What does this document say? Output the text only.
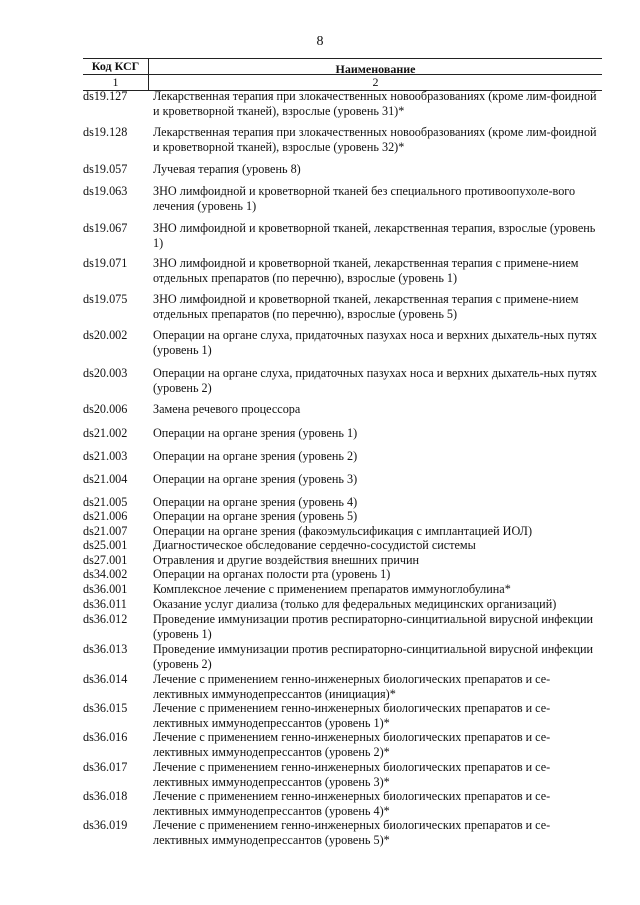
8
Код КСГ	Наименование
1	2
ds19.127	Лекарственная терапия при злокачественных новообразованиях (кроме лим-фоидной и кроветворной тканей), взрослые (уровень 31)*
ds19.128	Лекарственная терапия при злокачественных новообразованиях (кроме лим-фоидной и кроветворной тканей), взрослые (уровень 32)*
ds19.057	Лучевая терапия (уровень 8)
ds19.063	ЗНО лимфоидной и кроветворной тканей без специального противоопухоле-вого лечения (уровень 1)
ds19.067	ЗНО лимфоидной и кроветворной тканей, лекарственная терапия, взрослые (уровень 1)
ds19.071	ЗНО лимфоидной и кроветворной тканей, лекарственная терапия с примене-нием отдельных препаратов (по перечню), взрослые (уровень 1)
ds19.075	ЗНО лимфоидной и кроветворной тканей, лекарственная терапия с примене-нием отдельных препаратов (по перечню), взрослые (уровень 5)
ds20.002	Операции на органе слуха, придаточных пазухах носа и верхних дыхатель-ных путях (уровень 1)
ds20.003	Операции на органе слуха, придаточных пазухах носа и верхних дыхатель-ных путях (уровень 2)
ds20.006	Замена речевого процессора
ds21.002	Операции на органе зрения (уровень 1)
ds21.003	Операции на органе зрения (уровень 2)
ds21.004	Операции на органе зрения (уровень 3)
ds21.005	Операции на органе зрения (уровень 4)
ds21.006	Операции на органе зрения (уровень 5)
ds21.007	Операции на органе зрения (факоэмульсификация с имплантацией ИОЛ)
ds25.001	Диагностическое обследование сердечно-сосудистой системы
ds27.001	Отравления и другие воздействия внешних причин
ds34.002	Операции на органах полости рта (уровень 1)
ds36.001	Комплексное лечение с применением препаратов иммуноглобулина*
ds36.011	Оказание услуг диализа (только для федеральных медицинских организаций)
ds36.012	Проведение иммунизации против респираторно-синцитиальной вирусной инфекции (уровень 1)
ds36.013	Проведение иммунизации против респираторно-синцитиальной вирусной инфекции (уровень 2)
ds36.014	Лечение с применением генно-инженерных биологических препаратов и се-лективных иммунодепрессантов (инициация)*
ds36.015	Лечение с применением генно-инженерных биологических препаратов и се-лективных иммунодепрессантов (уровень 1)*
ds36.016	Лечение с применением генно-инженерных биологических препаратов и се-лективных иммунодепрессантов (уровень 2)*
ds36.017	Лечение с применением генно-инженерных биологических препаратов и се-лективных иммунодепрессантов (уровень 3)*
ds36.018	Лечение с применением генно-инженерных биологических препаратов и се-лективных иммунодепрессантов (уровень 4)*
ds36.019	Лечение с применением генно-инженерных биологических препаратов и се-лективных иммунодепрессантов (уровень 5)*
